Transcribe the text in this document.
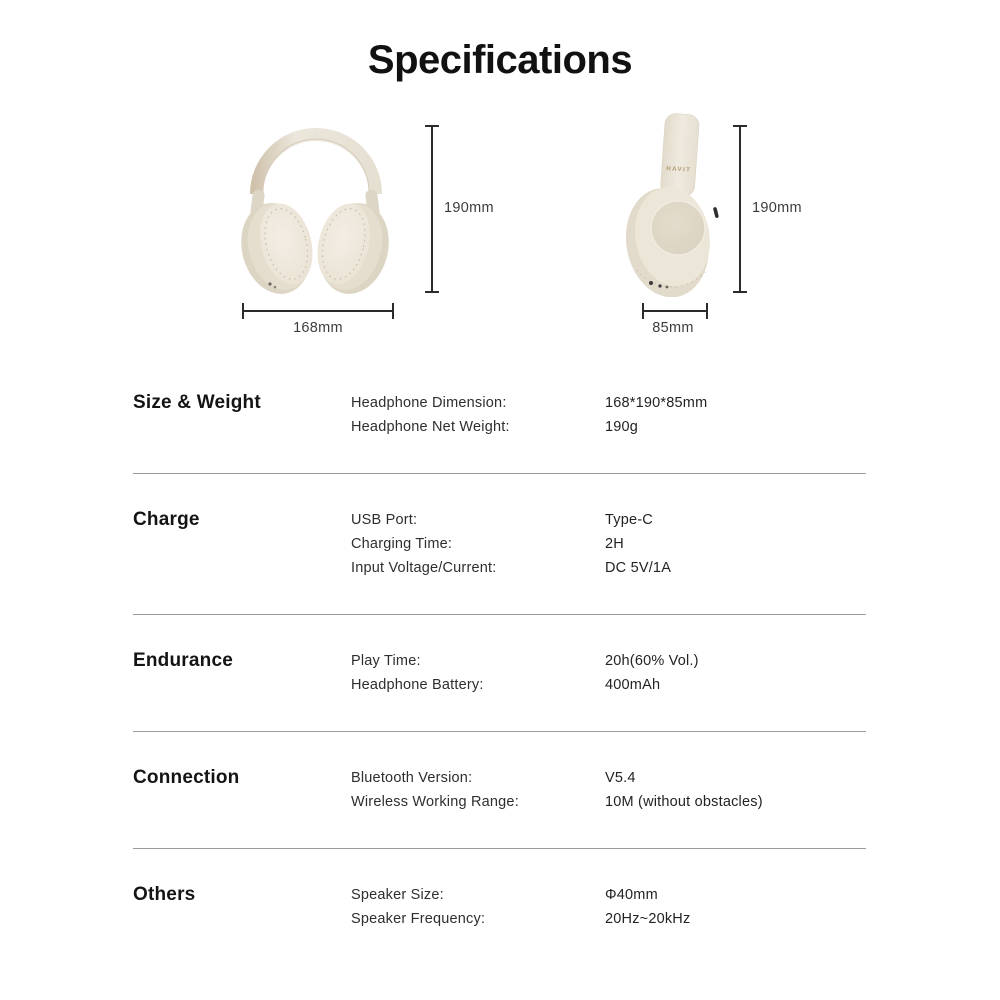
Specifications
190mm
168mm
HAVIT
190mm
85mm
Size & Weight	Headphone Dimension:	168*190*85mm
Headphone Net Weight:	190g
Charge	USB Port:	Type-C
Charging Time:	2H
Input Voltage/Current:	DC 5V/1A
Endurance	Play Time:	20h(60% Vol.)
Headphone Battery:	400mAh
Connection	Bluetooth Version:	V5.4
Wireless Working Range:	10M (without obstacles)
Others	Speaker Size:	Φ40mm
Speaker Frequency:	20Hz~20kHz
